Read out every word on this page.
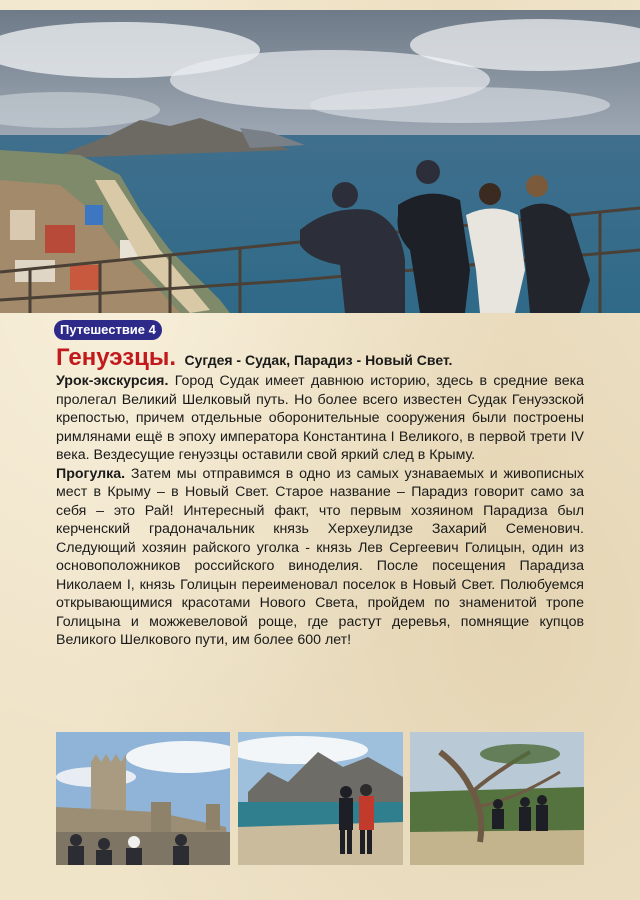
Путешествие 4
Генуэзцы. Сугдея - Судак, Парадиз - Новый Свет.

Урок-экскурсия. Город Судак имеет давнюю историю, здесь в средние века пролегал Великий Шелковый путь. Но более всего известен Судак Генуэзской крепостью, причем отдельные оборонительные сооружения были построены римлянами ещё в эпоху императора Константина I Великого, в первой трети IV века. Вездесущие генуэзцы оставили свой яркий след в Крыму.

Прогулка. Затем мы отправимся в одно из самых узнаваемых и живописных мест в Крыму – в Новый Свет. Старое название – Парадиз говорит само за себя – это Рай! Интересный факт, что первым хозяином Парадиза был керченский градоначальник князь Херхеулидзе Захарий Семенович. Следующий хозяин райского уголка - князь Лев Сергеевич Голицын, один из основоположников российского виноделия. После посещения Парадиза Николаем I, князь Голицын переименовал поселок в Новый Свет. Полюбуемся открывающимися красотами Нового Света, пройдем по знаменитой тропе Голицына и можжевеловой роще, где растут деревья, помнящие купцов Великого Шелкового пути, им более 600 лет!
